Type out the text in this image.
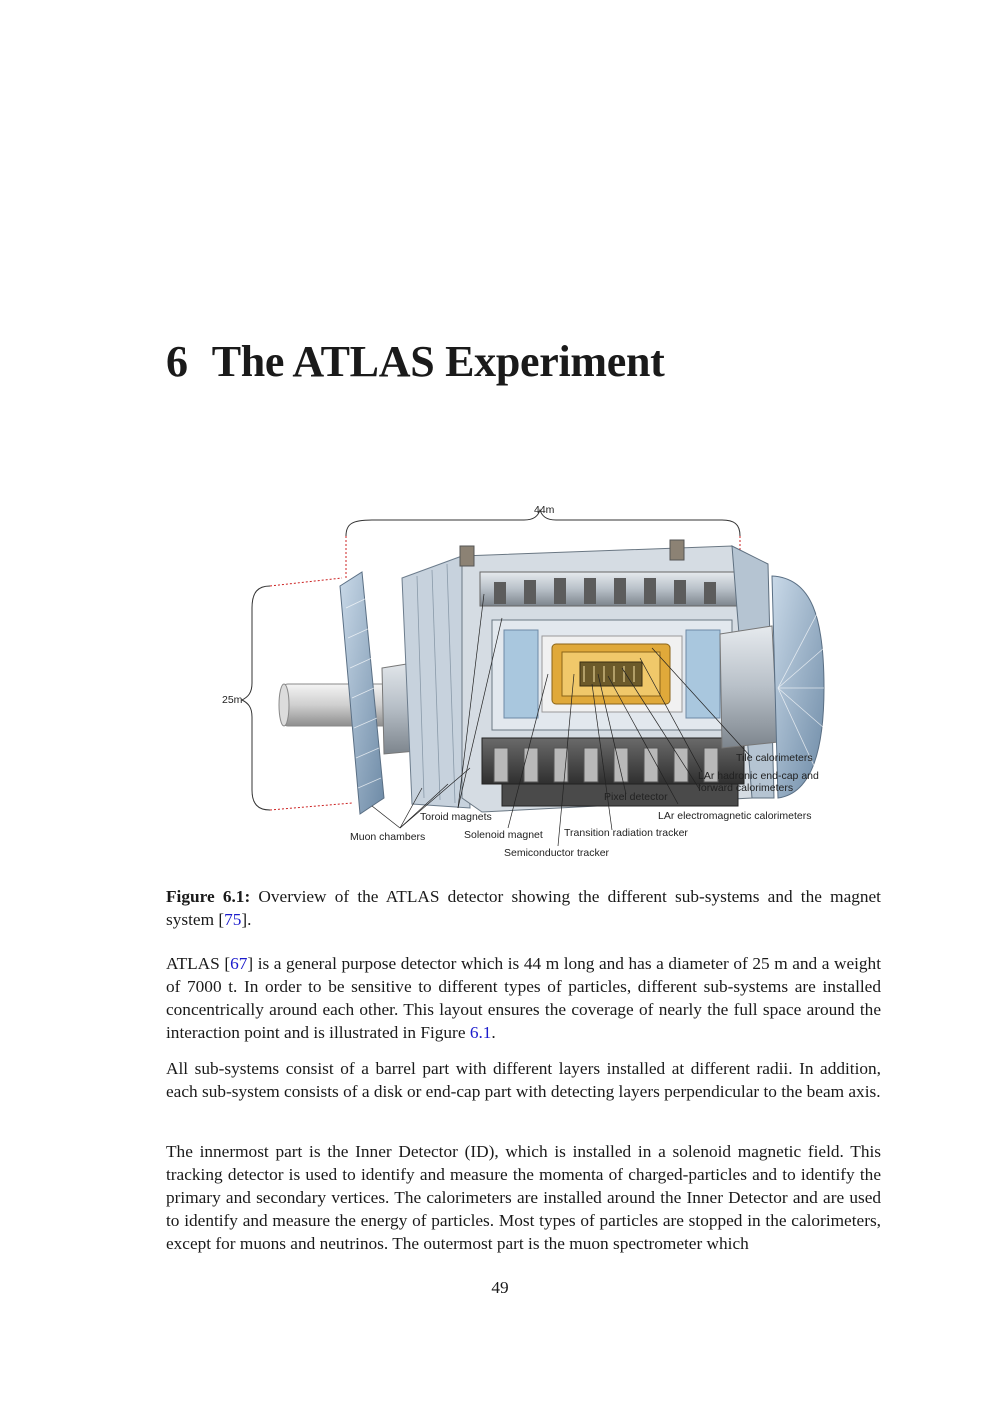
6 The ATLAS Experiment
44m
25m
Tile calorimeters
LAr hadronic end-cap and
forward calorimeters
Pixel detector
LAr electromagnetic calorimeters
Toroid magnets
Muon chambers	Solenoid magnet Transition radiation tracker
Semiconductor tracker

Figure 6.1: Overview of the ATLAS detector showing the different sub-systems and the magnet system [75].

ATLAS [67] is a general purpose detector which is 44 m long and has a diameter of 25 m and a weight of 7000 t. In order to be sensitive to different types of particles, different sub-systems are installed concentrically around each other. This layout ensures the coverage of nearly the full space around the interaction point and is illustrated in Figure 6.1.

All sub-systems consist of a barrel part with different layers installed at different radii. In addition, each sub-system consists of a disk or end-cap part with detecting layers perpendicular to the beam axis.

The innermost part is the Inner Detector (ID), which is installed in a solenoid magnetic field. This tracking detector is used to identify and measure the momenta of charged-particles and to identify the primary and secondary vertices. The calorimeters are installed around the Inner Detector and are used to identify and measure the energy of particles. Most types of particles are stopped in the calorimeters, except for muons and neutrinos. The outermost part is the muon spectrometer which

49
